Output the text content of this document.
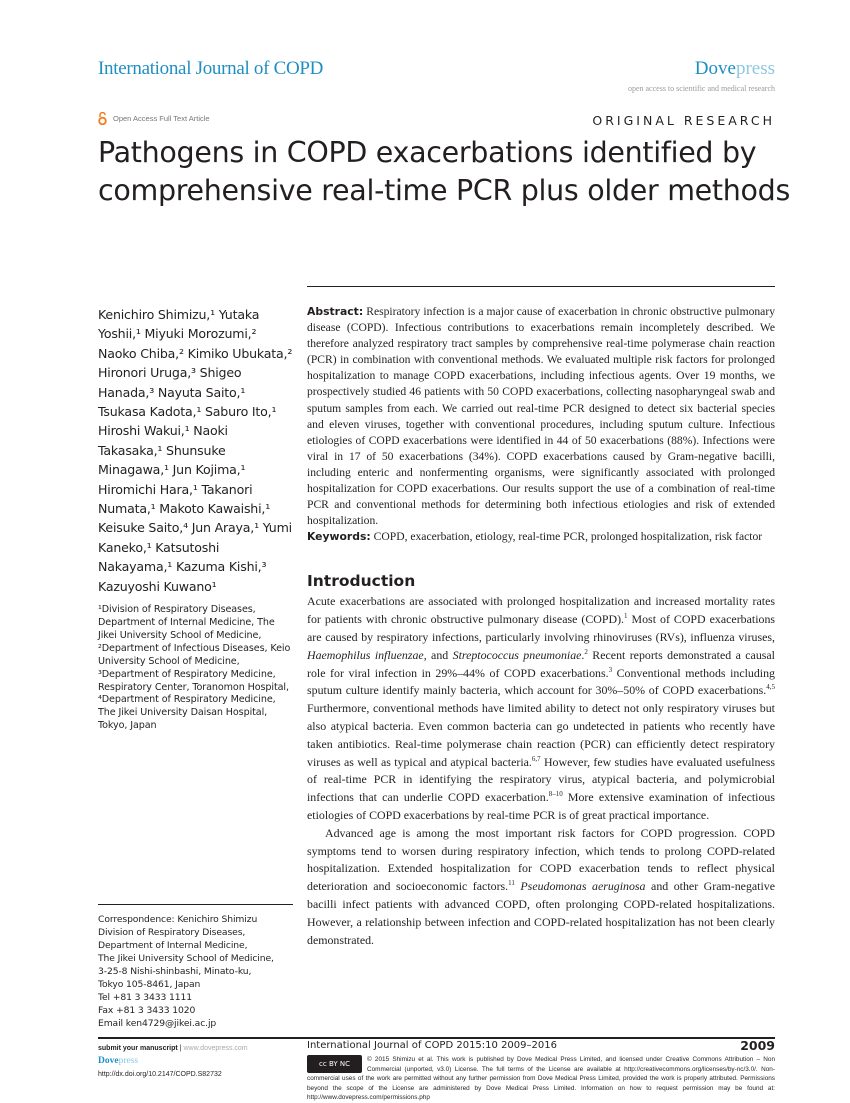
International Journal of COPD	Dovepress
open access to scientific and medical research
Open Access Full Text Article	ORIGINAL RESEARCH
Pathogens in COPD exacerbations identified by comprehensive real-time PCR plus older methods
Kenichiro Shimizu,¹ Yutaka Yoshii,¹ Miyuki Morozumi,² Naoko Chiba,² Kimiko Ubukata,² Hironori Uruga,³ Shigeo Hanada,³ Nayuta Saito,¹ Tsukasa Kadota,¹ Saburo Ito,¹ Hiroshi Wakui,¹ Naoki Takasaka,¹ Shunsuke Minagawa,¹ Jun Kojima,¹ Hiromichi Hara,¹ Takanori Numata,¹ Makoto Kawaishi,¹ Keisuke Saito,⁴ Jun Araya,¹ Yumi Kaneko,¹ Katsutoshi Nakayama,¹ Kazuma Kishi,³ Kazuyoshi Kuwano¹
¹Division of Respiratory Diseases, Department of Internal Medicine, The Jikei University School of Medicine, ²Department of Infectious Diseases, Keio University School of Medicine, ³Department of Respiratory Medicine, Respiratory Center, Toranomon Hospital, ⁴Department of Respiratory Medicine, The Jikei University Daisan Hospital, Tokyo, Japan
Correspondence: Kenichiro Shimizu
Division of Respiratory Diseases,
Department of Internal Medicine,
The Jikei University School of Medicine,
3-25-8 Nishi-shinbashi, Minato-ku,
Tokyo 105-8461, Japan
Tel +81 3 3433 1111
Fax +81 3 3433 1020
Email ken4729@jikei.ac.jp
Abstract: Respiratory infection is a major cause of exacerbation in chronic obstructive pulmonary disease (COPD). Infectious contributions to exacerbations remain incompletely described. We therefore analyzed respiratory tract samples by comprehensive real-time polymerase chain reaction (PCR) in combination with conventional methods. We evaluated multiple risk factors for prolonged hospitalization to manage COPD exacerbations, including infectious agents. Over 19 months, we prospectively studied 46 patients with 50 COPD exacerbations, collecting nasopharyngeal swab and sputum samples from each. We carried out real-time PCR designed to detect six bacterial species and eleven viruses, together with conventional procedures, including sputum culture. Infectious etiologies of COPD exacerbations were identified in 44 of 50 exacerbations (88%). Infections were viral in 17 of 50 exacerbations (34%). COPD exacerbations caused by Gram-negative bacilli, including enteric and nonfermenting organisms, were significantly associated with prolonged hospitalization for COPD exacerbations. Our results support the use of a combination of real-time PCR and conventional methods for determining both infectious etiologies and risk of extended hospitalization.
Keywords: COPD, exacerbation, etiology, real-time PCR, prolonged hospitalization, risk factor
Introduction

Acute exacerbations are associated with prolonged hospitalization and increased mortality rates for patients with chronic obstructive pulmonary disease (COPD).$^1$ Most of COPD exacerbations are caused by respiratory infections, particularly involving rhinoviruses (RVs), influenza viruses, Haemophilus influenzae, and Streptococcus pneumoniae.$^2$ Recent reports demonstrated a causal role for viral infection in 29%–44% of COPD exacerbations.$^3$ Conventional methods including sputum culture identify mainly bacteria, which account for 30%–50% of COPD exacerbations.$^{4,5}$ Furthermore, conventional methods have limited ability to detect not only respiratory viruses but also atypical bacteria. Even common bacteria can go undetected in patients who recently have taken antibiotics. Real-time polymerase chain reaction (PCR) can efficiently detect respiratory viruses as well as typical and atypical bacteria.$^{6,7}$ However, few studies have evaluated usefulness of real-time PCR in identifying the respiratory virus, atypical bacteria, and polymicrobial infections that can underlie COPD exacerbation.$^{8-10}$ More extensive examination of infectious etiologies of COPD exacerbations by real-time PCR is of great practical importance.

Advanced age is among the most important risk factors for COPD progression. COPD symptoms tend to worsen during respiratory infection, which tends to prolong COPD-related hospitalization. Extended hospitalization for COPD exacerbation tends to reflect physical deterioration and socioeconomic factors.$^{11}$ Pseudomonas aeruginosa and other Gram-negative bacilli infect patients with advanced COPD, often prolonging COPD-related hospitalizations. However, a relationship between infection and COPD-related hospitalization has not been clearly demonstrated.

submit your manuscript | www.dovepress.com
Dovepress
http://dx.doi.org/10.2147/COPD.S82732
International Journal of COPD 2015:10 2009–2016	2009
cc BY NC
© 2015 Shimizu et al. This work is published by Dove Medical Press Limited, and licensed under Creative Commons Attribution – Non Commercial (unported, v3.0) License. The full terms of the License are available at http://creativecommons.org/licenses/by-nc/3.0/. Non-commercial uses of the work are permitted without any further permission from Dove Medical Press Limited, provided the work is properly attributed. Permissions beyond the scope of the License are administered by Dove Medical Press Limited. Information on how to request permission may be found at: http://www.dovepress.com/permissions.php
